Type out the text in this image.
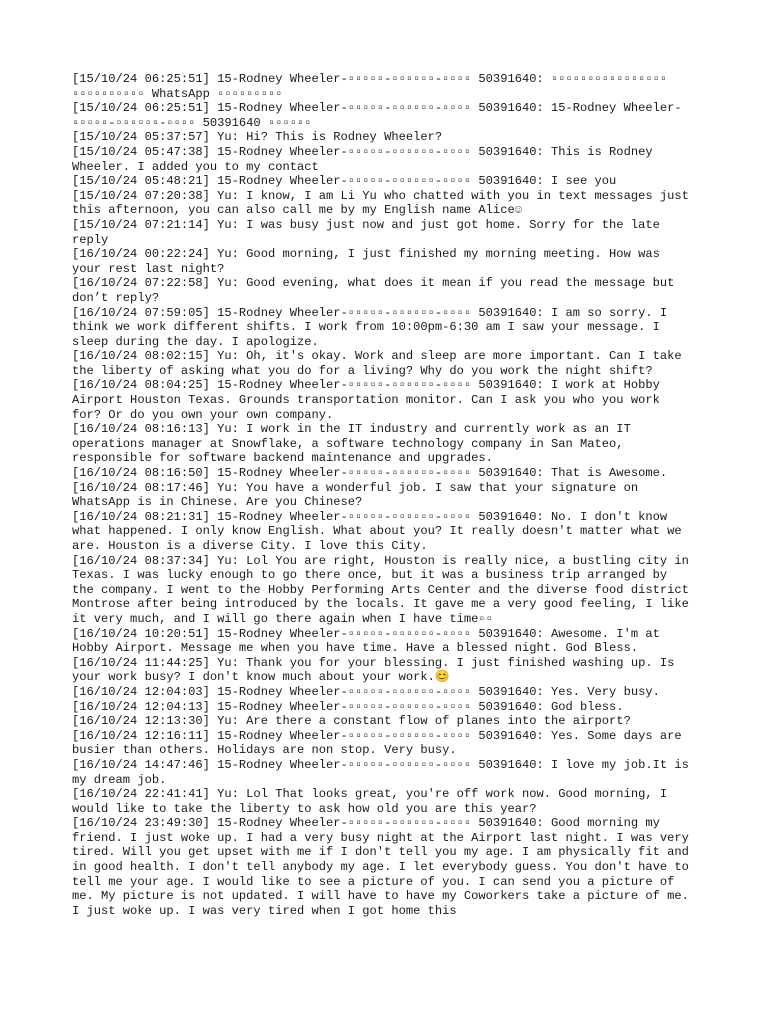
[15/10/24 06:25:51] 15-Rodney Wheeler-▫▫▫▫▫-▫▫▫▫▫▫-▫▫▫▫ 50391640: ▫▫▫▫▫▫▫▫▫▫▫▫▫▫▫▫ ▫▫▫▫▫▫▫▫▫▫ WhatsApp ▫▫▫▫▫▫▫▫▫

[15/10/24 06:25:51] 15-Rodney Wheeler-▫▫▫▫▫-▫▫▫▫▫▫-▫▫▫▫ 50391640: 15-Rodney Wheeler-▫▫▫▫▫-▫▫▫▫▫▫-▫▫▫▫ 50391640 ▫▫▫▫▫▫

[15/10/24 05:37:57] Yu: Hi? This is Rodney Wheeler?

[15/10/24 05:47:38] 15-Rodney Wheeler-▫▫▫▫▫-▫▫▫▫▫▫-▫▫▫▫ 50391640: This is Rodney Wheeler. I added you to my contact

[15/10/24 05:48:21] 15-Rodney Wheeler-▫▫▫▫▫-▫▫▫▫▫▫-▫▫▫▫ 50391640: I see you

[15/10/24 07:20:38] Yu: I know, I am Li Yu who chatted with you in text messages just this afternoon, you can also call me by my English name Alice☺

[15/10/24 07:21:14] Yu: I was busy just now and just got home. Sorry for the late reply

[16/10/24 00:22:24] Yu: Good morning, I just finished my morning meeting. How was your rest last night?

[16/10/24 07:22:58] Yu: Good evening, what does it mean if you read the message but don’t reply?

[16/10/24 07:59:05] 15-Rodney Wheeler-▫▫▫▫▫-▫▫▫▫▫▫-▫▫▫▫ 50391640: I am so sorry. I think we work different shifts. I work from 10:00pm-6:30 am I saw your message. I sleep during the day. I apologize.

[16/10/24 08:02:15] Yu: Oh, it's okay. Work and sleep are more important. Can I take the liberty of asking what you do for a living? Why do you work the night shift?

[16/10/24 08:04:25] 15-Rodney Wheeler-▫▫▫▫▫-▫▫▫▫▫▫-▫▫▫▫ 50391640: I work at Hobby Airport Houston Texas. Grounds transportation monitor. Can I ask you who you work for? Or do you own your own company.

[16/10/24 08:16:13] Yu: I work in the IT industry and currently work as an IT operations manager at Snowflake, a software technology company in San Mateo, responsible for software backend maintenance and upgrades.

[16/10/24 08:16:50] 15-Rodney Wheeler-▫▫▫▫▫-▫▫▫▫▫▫-▫▫▫▫ 50391640: That is Awesome.

[16/10/24 08:17:46] Yu: You have a wonderful job. I saw that your signature on WhatsApp is in Chinese. Are you Chinese?

[16/10/24 08:21:31] 15-Rodney Wheeler-▫▫▫▫▫-▫▫▫▫▫▫-▫▫▫▫ 50391640: No. I don't know what happened. I only know English. What about you? It really doesn't matter what we are. Houston is a diverse City. I love this City.

[16/10/24 08:37:34] Yu: Lol You are right, Houston is really nice, a bustling city in Texas. I was lucky enough to go there once, but it was a business trip arranged by the company. I went to the Hobby Performing Arts Center and the diverse food district Montrose after being introduced by the locals. It gave me a very good feeling, I like it very much, and I will go there again when I have time▫▫

[16/10/24 10:20:51] 15-Rodney Wheeler-▫▫▫▫▫-▫▫▫▫▫▫-▫▫▫▫ 50391640: Awesome. I'm at Hobby Airport. Message me when you have time. Have a blessed night. God Bless.

[16/10/24 11:44:25] Yu: Thank you for your blessing. I just finished washing up. Is your work busy? I don't know much about your work.😊

[16/10/24 12:04:03] 15-Rodney Wheeler-▫▫▫▫▫-▫▫▫▫▫▫-▫▫▫▫ 50391640: Yes. Very busy.

[16/10/24 12:04:13] 15-Rodney Wheeler-▫▫▫▫▫-▫▫▫▫▫▫-▫▫▫▫ 50391640: God bless.

[16/10/24 12:13:30] Yu: Are there a constant flow of planes into the airport?

[16/10/24 12:16:11] 15-Rodney Wheeler-▫▫▫▫▫-▫▫▫▫▫▫-▫▫▫▫ 50391640: Yes. Some days are busier than others. Holidays are non stop. Very busy.

[16/10/24 14:47:46] 15-Rodney Wheeler-▫▫▫▫▫-▫▫▫▫▫▫-▫▫▫▫ 50391640: I love my job.It is my dream job.

[16/10/24 22:41:41] Yu: Lol That looks great, you're off work now. Good morning, I would like to take the liberty to ask how old you are this year?

[16/10/24 23:49:30] 15-Rodney Wheeler-▫▫▫▫▫-▫▫▫▫▫▫-▫▫▫▫ 50391640: Good morning my friend. I just woke up. I had a very busy night at the Airport last night. I was very tired. Will you get upset with me if I don't tell you my age. I am physically fit and in good health. I don't tell anybody my age. I let everybody guess. You don't have to tell me your age. I would like to see a picture of you. I can send you a picture of me. My picture is not updated. I will have to have my Coworkers take a picture of me. I just woke up. I was very tired when I got home this
